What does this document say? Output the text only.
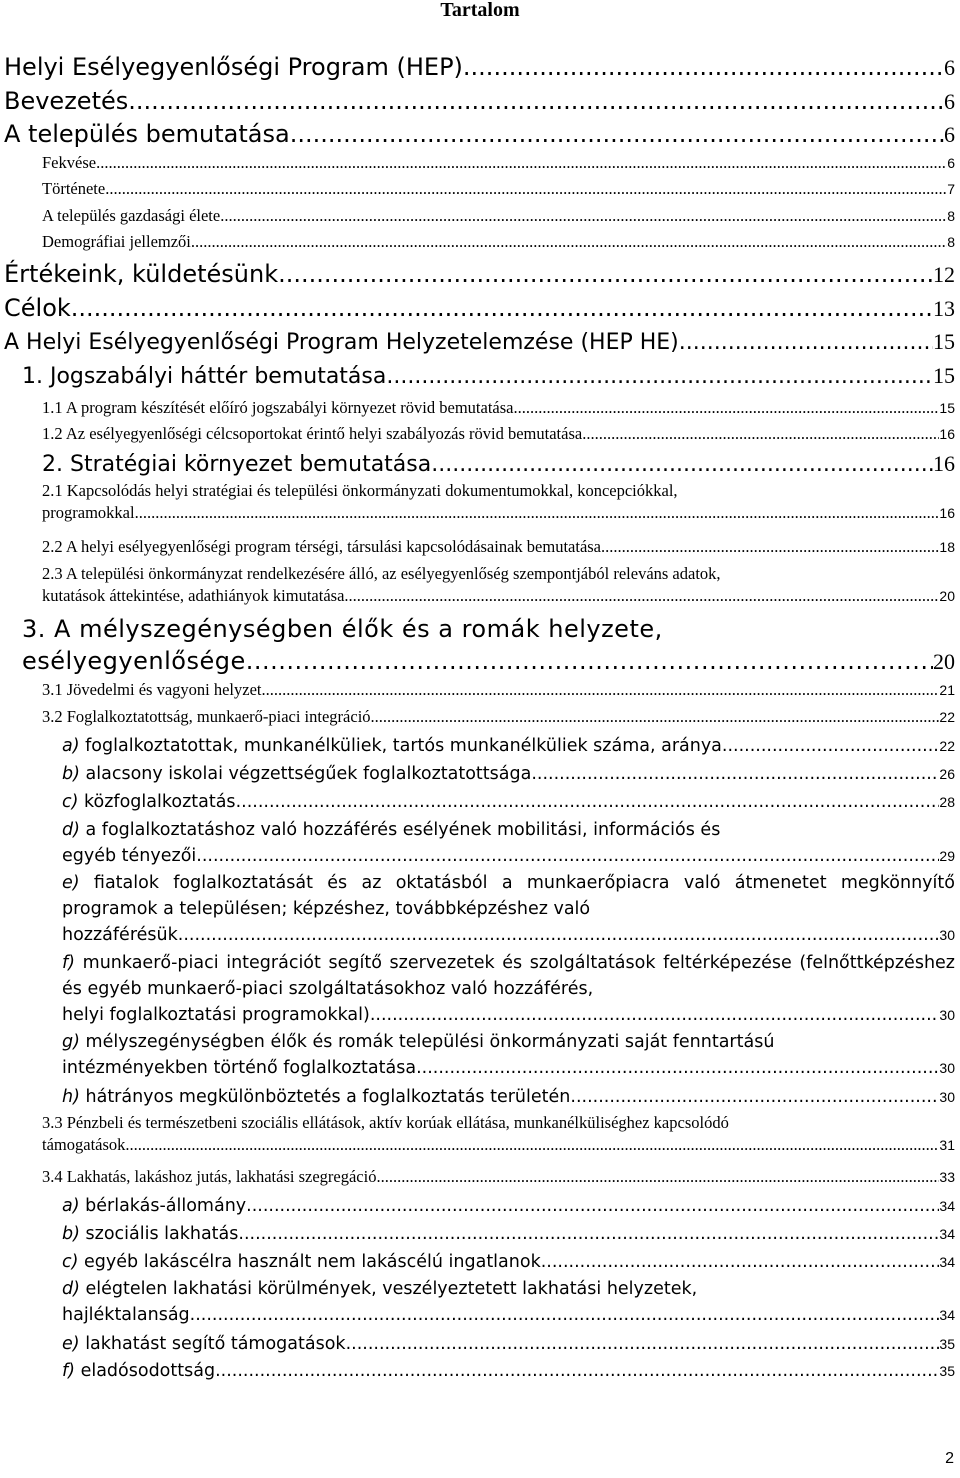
Tartalom
Helyi Esélyegyenlőségi Program (HEP) .....	6
Bevezetés .....	6
A település bemutatása .....	6
Fekvése .....	6
Története .....	7
A település gazdasági élete .....	8
Demográfiai jellemzői .....	8
Értékeink, küldetésünk .....	12
Célok .....	13
A Helyi Esélyegyenlőségi Program Helyzetelemzése (HEP HE) .....	15
1. Jogszabályi háttér bemutatása .....	15
1.1 A program készítését előíró jogszabályi környezet rövid bemutatása .....	15
1.2 Az esélyegyenlőségi célcsoportokat érintő helyi szabályozás rövid bemutatása. .....	16
2. Stratégiai környezet bemutatása .....	16
2.1 Kapcsolódás helyi stratégiai és települési önkormányzati dokumentumokkal, koncepciókkal,
programokkal .....	16
2.2 A helyi esélyegyenlőségi program térségi, társulási kapcsolódásainak bemutatása .....	18
2.3 A települési önkormányzat rendelkezésére álló, az esélyegyenlőség szempontjából releváns adatok,
kutatások áttekintése, adathiányok kimutatása .....	20
3. A mélyszegénységben élők és a romák helyzete,
esélyegyenlősége .....	20
3.1 Jövedelmi és vagyoni helyzet .....	21
3.2 Foglalkoztatottság, munkaerő-piaci integráció .....	22
a) foglalkoztatottak, munkanélküliek, tartós munkanélküliek száma, aránya .....	22
b) alacsony iskolai végzettségűek foglalkoztatottsága .....	26
c) közfoglalkoztatás .....	28
d) a foglalkoztatáshoz való hozzáférés esélyének mobilitási, információs és
egyéb tényezői .....	29
e) fiatalok foglalkoztatását és az oktatásból a munkaerőpiacra való átmenetet megkönnyítő programok a településen; képzéshez, továbbképzéshez való
hozzáférésük .....	30
f) munkaerő-piaci integrációt segítő szervezetek és szolgáltatások feltérképezése (felnőttképzéshez és egyéb munkaerő-piaci szolgáltatásokhoz való hozzáférés,
helyi foglalkoztatási programokkal) .....	30
g) mélyszegénységben élők és romák települési önkormányzati saját fenntartású
intézményekben történő foglalkoztatása .....	30
h) hátrányos megkülönböztetés a foglalkoztatás területén .....	30
3.3 Pénzbeli és természetbeni szociális ellátások, aktív korúak ellátása, munkanélküliséghez kapcsolódó
támogatások .....	31
3.4 Lakhatás, lakáshoz jutás, lakhatási szegregáció .....	33
a) bérlakás-állomány .....	34
b) szociális lakhatás .....	34
c) egyéb lakáscélra használt nem lakáscélú ingatlanok .....	34
d) elégtelen lakhatási körülmények, veszélyeztetett lakhatási helyzetek,
hajléktalanság .....	34
e) lakhatást segítő támogatások .....	35
f) eladósodottság .....	35
2
